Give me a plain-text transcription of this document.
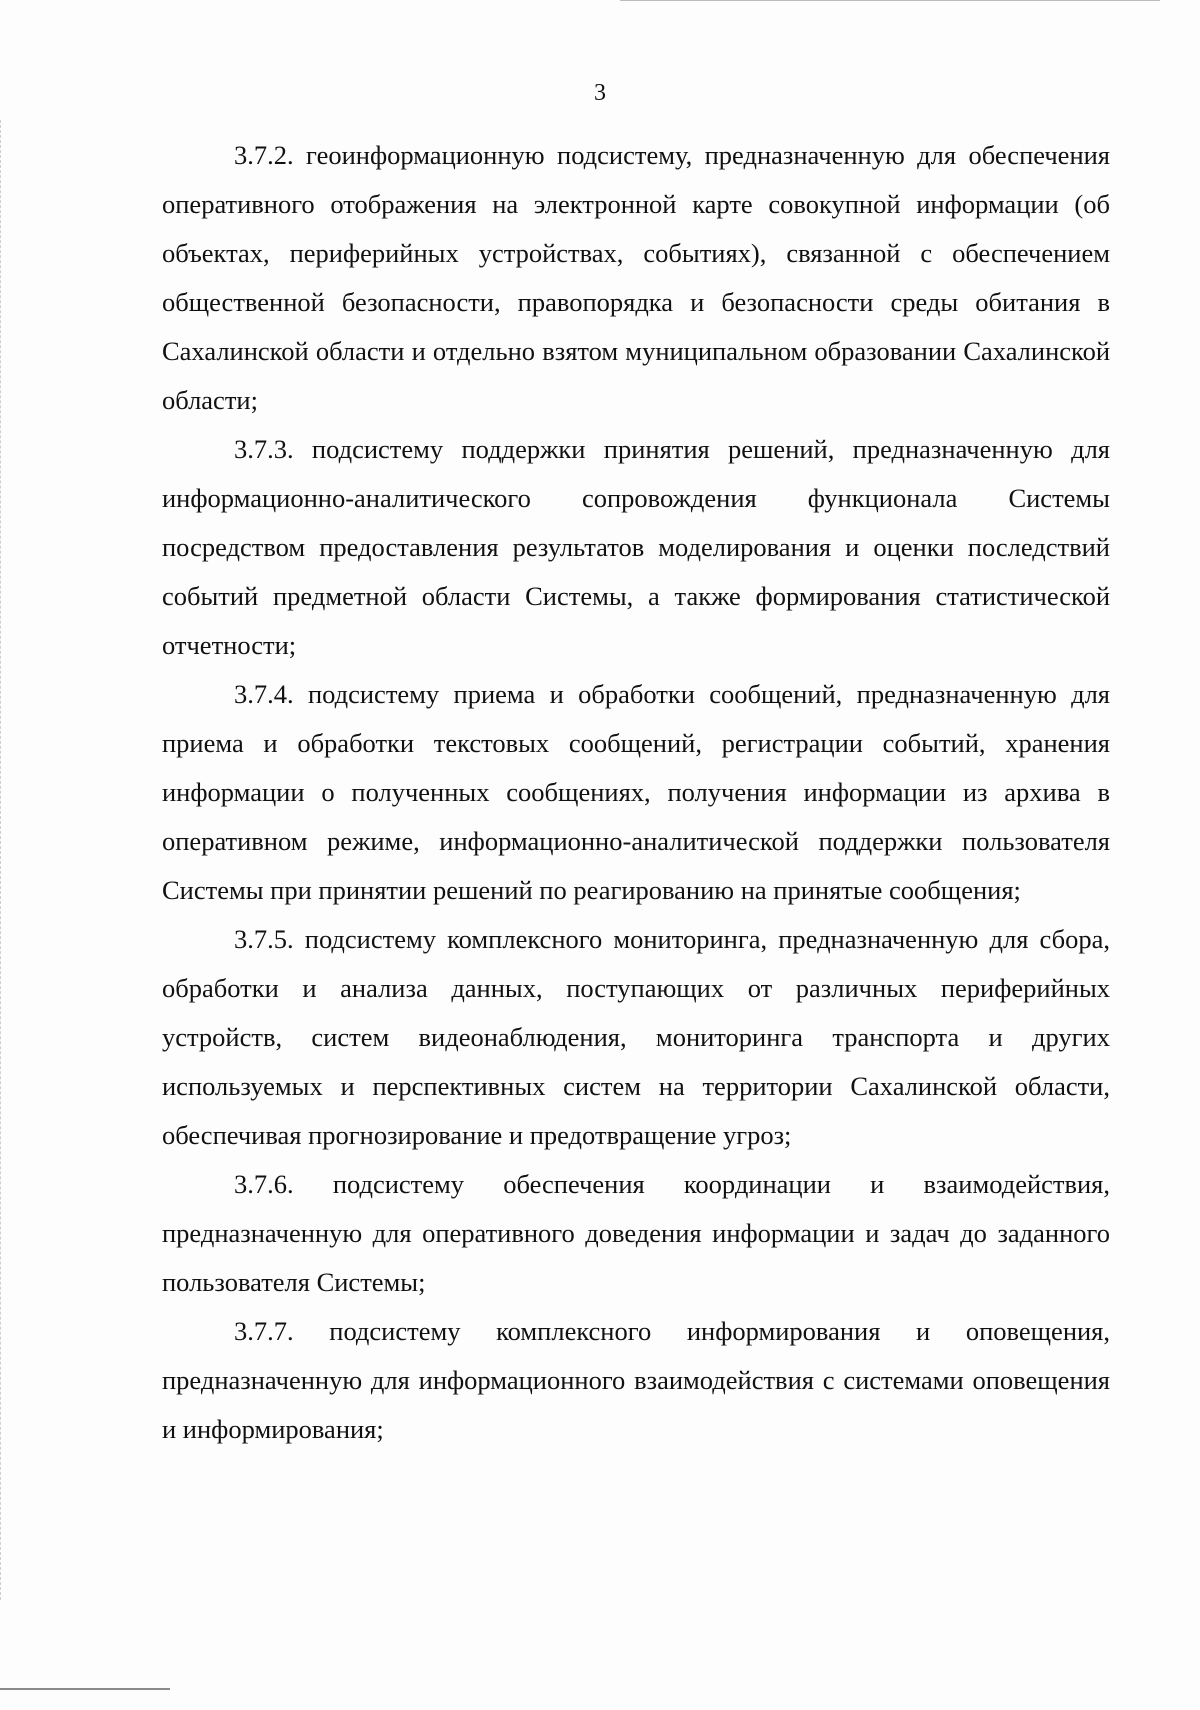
3

3.7.2. геоинформационную подсистему, предназначенную для обеспечения оперативного отображения на электронной карте совокупной информации (об объектах, периферийных устройствах, событиях), связанной с обеспечением общественной безопасности, правопорядка и безопасности среды обитания в Сахалинской области и отдельно взятом муниципальном образовании Сахалинской области;

3.7.3. подсистему поддержки принятия решений, предназначенную для информационно-аналитического сопровождения функционала Системы посредством предоставления результатов моделирования и оценки последствий событий предметной области Системы, а также формирования статистической отчетности;

3.7.4. подсистему приема и обработки сообщений, предназначенную для приема и обработки текстовых сообщений, регистрации событий, хранения информации о полученных сообщениях, получения информации из архива в оперативном режиме, информационно-аналитической поддержки пользователя Системы при принятии решений по реагированию на принятые сообщения;

3.7.5. подсистему комплексного мониторинга, предназначенную для сбора, обработки и анализа данных, поступающих от различных периферийных устройств, систем видеонаблюдения, мониторинга транспорта и других используемых и перспективных систем на территории Сахалинской области, обеспечивая прогнозирование и предотвращение угроз;

3.7.6. подсистему обеспечения координации и взаимодействия, предназначенную для оперативного доведения информации и задач до заданного пользователя Системы;

3.7.7. подсистему комплексного информирования и оповещения, предназначенную для информационного взаимодействия с системами оповещения и информирования;
